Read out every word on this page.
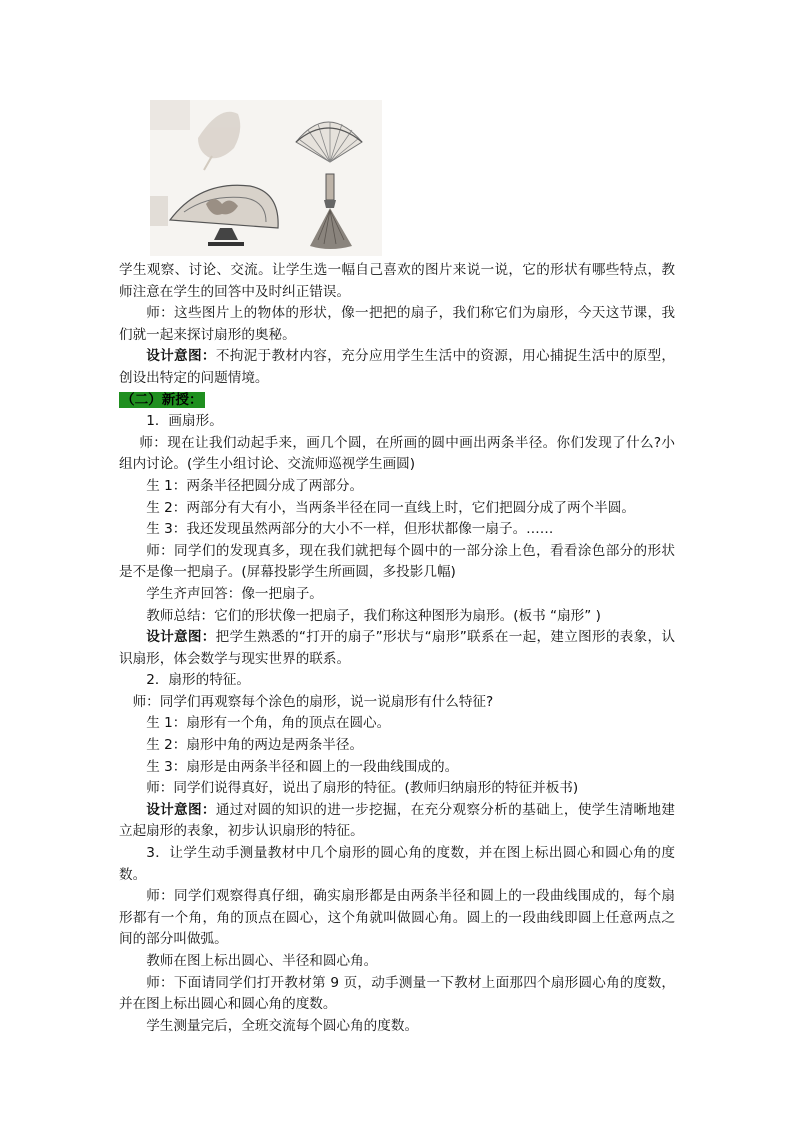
学生观察、讨论、交流。让学生选一幅自己喜欢的图片来说一说，它的形状有哪些特点，教师注意在学生的回答中及时纠正错误。

师：这些图片上的物体的形状，像一把把的扇子，我们称它们为扇形，今天这节课，我们就一起来探讨扇形的奥秘。

设计意图：不拘泥于教材内容，充分应用学生生活中的资源，用心捕捉生活中的原型，创设出特定的问题情境。

（二）新授：

1．画扇形。

师：现在让我们动起手来，画几个圆，在所画的圆中画出两条半径。你们发现了什么?小组内讨论。(学生小组讨论、交流师巡视学生画圆)

生 1：两条半径把圆分成了两部分。

生 2：两部分有大有小，当两条半径在同一直线上时，它们把圆分成了两个半圆。

生 3：我还发现虽然两部分的大小不一样，但形状都像一扇子。……

师：同学们的发现真多，现在我们就把每个圆中的一部分涂上色，看看涂色部分的形状是不是像一把扇子。(屏幕投影学生所画圆，多投影几幅)

学生齐声回答：像一把扇子。

教师总结：它们的形状像一把扇子，我们称这种图形为扇形。(板书 “扇形” )

设计意图：把学生熟悉的“打开的扇子”形状与“扇形”联系在一起，建立图形的表象，认识扇形，体会数学与现实世界的联系。

2．扇形的特征。

师：同学们再观察每个涂色的扇形，说一说扇形有什么特征?

生 1：扇形有一个角，角的顶点在圆心。

生 2：扇形中角的两边是两条半径。

生 3：扇形是由两条半径和圆上的一段曲线围成的。

师：同学们说得真好，说出了扇形的特征。(教师归纳扇形的特征并板书)

设计意图：通过对圆的知识的进一步挖掘，在充分观察分析的基础上，使学生清晰地建立起扇形的表象，初步认识扇形的特征。

3．让学生动手测量教材中几个扇形的圆心角的度数，并在图上标出圆心和圆心角的度数。

师：同学们观察得真仔细，确实扇形都是由两条半径和圆上的一段曲线围成的，每个扇形都有一个角，角的顶点在圆心，这个角就叫做圆心角。圆上的一段曲线即圆上任意两点之间的部分叫做弧。

教师在图上标出圆心、半径和圆心角。

师：下面请同学们打开教材第 9 页，动手测量一下教材上面那四个扇形圆心角的度数，并在图上标出圆心和圆心角的度数。

学生测量完后，全班交流每个圆心角的度数。
